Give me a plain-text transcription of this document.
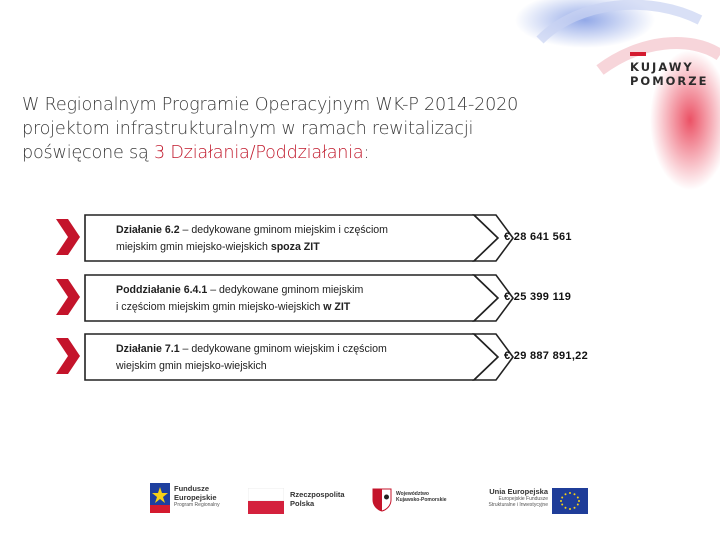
KUJAWY
POMORZE
W Regionalnym Programie Operacyjnym WK-P 2014-2020
projektom infrastrukturalnym w ramach rewitalizacji
poświęcone są 3 Działania/Poddziałania:
Działanie 6.2 – dedykowane gminom miejskim i częściom
miejskim gmin miejsko-wiejskich spoza ZIT
€ 28 641 561
Poddziałanie 6.4.1 – dedykowane gminom miejskim
i częściom miejskim gmin miejsko-wiejskich w ZIT
€ 25 399 119
Działanie 7.1 – dedykowane gminom wiejskim i częściom
wiejskim gmin miejsko-wiejskich
€ 29 887 891,22
Fundusze
Europejskie
Program Regionalny
Rzeczpospolita
Polska
Województwo
Kujawsko-Pomorskie
Unia Europejska
Europejskie Fundusze
Strukturalne i Inwestycyjne
